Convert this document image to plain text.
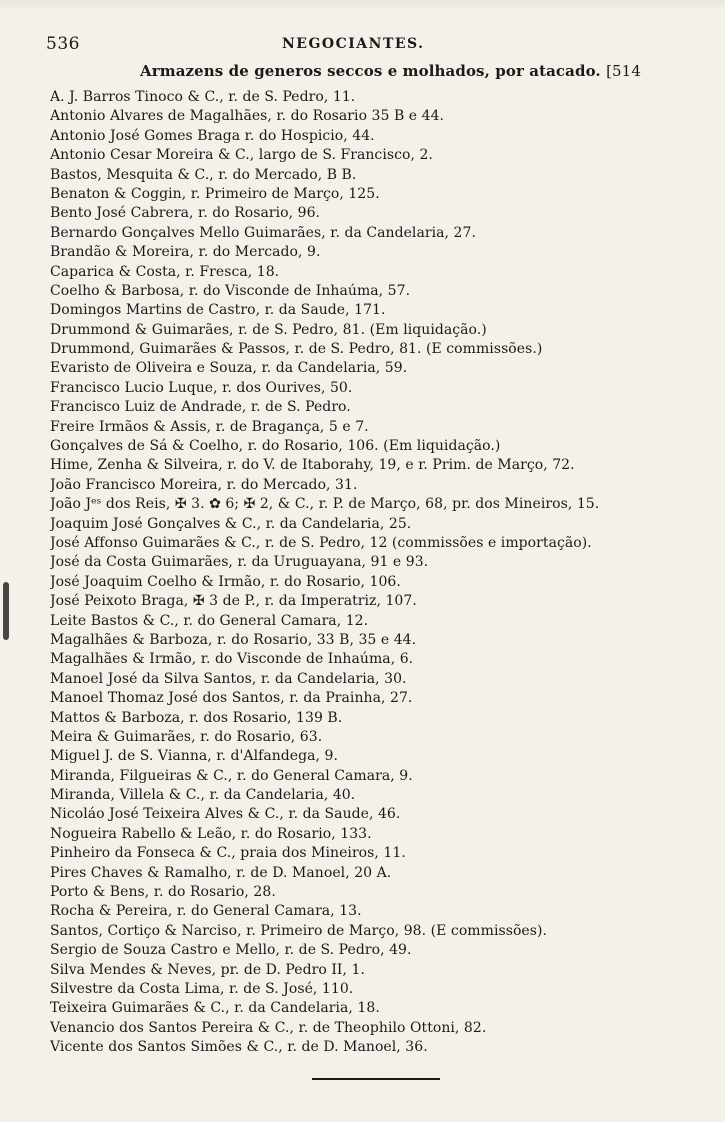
536	NEGOCIANTES.
Armazens de generos seccos e molhados, por atacado. [514
A. J. Barros Tinoco & C., r. de S. Pedro, 11.
Antonio Alvares de Magalhães, r. do Rosario 35 B e 44.
Antonio José Gomes Braga r. do Hospicio, 44.
Antonio Cesar Moreira & C., largo de S. Francisco, 2.
Bastos, Mesquita & C., r. do Mercado, B B.
Benaton & Coggin, r. Primeiro de Março, 125.
Bento José Cabrera, r. do Rosario, 96.
Bernardo Gonçalves Mello Guimarães, r. da Candelaria, 27.
Brandão & Moreira, r. do Mercado, 9.
Caparica & Costa, r. Fresca, 18.
Coelho & Barbosa, r. do Visconde de Inhaúma, 57.
Domingos Martins de Castro, r. da Saude, 171.
Drummond & Guimarães, r. de S. Pedro, 81. (Em liquidação.)
Drummond, Guimarães & Passos, r. de S. Pedro, 81. (E commissões.)
Evaristo de Oliveira e Souza, r. da Candelaria, 59.
Francisco Lucio Luque, r. dos Ourives, 50.
Francisco Luiz de Andrade, r. de S. Pedro.
Freire Irmãos & Assis, r. de Bragança, 5 e 7.
Gonçalves de Sá & Coelho, r. do Rosario, 106. (Em liquidação.)
Hime, Zenha & Silveira, r. do V. de Itaborahy, 19, e r. Prim. de Março, 72.
João Francisco Moreira, r. do Mercado, 31.
João Jᵉˢ dos Reis, ✠ 3. ✿ 6; ✠ 2, & C., r. P. de Março, 68, pr. dos Mineiros, 15.
Joaquim José Gonçalves & C., r. da Candelaria, 25.
José Affonso Guimarães & C., r. de S. Pedro, 12 (commissões e importação).
José da Costa Guimarães, r. da Uruguayana, 91 e 93.
José Joaquim Coelho & Irmão, r. do Rosario, 106.
José Peixoto Braga, ✠ 3 de P., r. da Imperatriz, 107.
Leite Bastos & C., r. do General Camara, 12.
Magalhães & Barboza, r. do Rosario, 33 B, 35 e 44.
Magalhães & Irmão, r. do Visconde de Inhaúma, 6.
Manoel José da Silva Santos, r. da Candelaria, 30.
Manoel Thomaz José dos Santos, r. da Prainha, 27.
Mattos & Barboza, r. dos Rosario, 139 B.
Meira & Guimarães, r. do Rosario, 63.
Miguel J. de S. Vianna, r. d'Alfandega, 9.
Miranda, Filgueiras & C., r. do General Camara, 9.
Miranda, Villela & C., r. da Candelaria, 40.
Nicoláo José Teixeira Alves & C., r. da Saude, 46.
Nogueira Rabello & Leão, r. do Rosario, 133.
Pinheiro da Fonseca & C., praia dos Mineiros, 11.
Pires Chaves & Ramalho, r. de D. Manoel, 20 A.
Porto & Bens, r. do Rosario, 28.
Rocha & Pereira, r. do General Camara, 13.
Santos, Cortiço & Narciso, r. Primeiro de Março, 98. (E commissões).
Sergio de Souza Castro e Mello, r. de S. Pedro, 49.
Silva Mendes & Neves, pr. de D. Pedro II, 1.
Silvestre da Costa Lima, r. de S. José, 110.
Teixeira Guimarães & C., r. da Candelaria, 18.
Venancio dos Santos Pereira & C., r. de Theophilo Ottoni, 82.
Vicente dos Santos Simões & C., r. de D. Manoel, 36.
